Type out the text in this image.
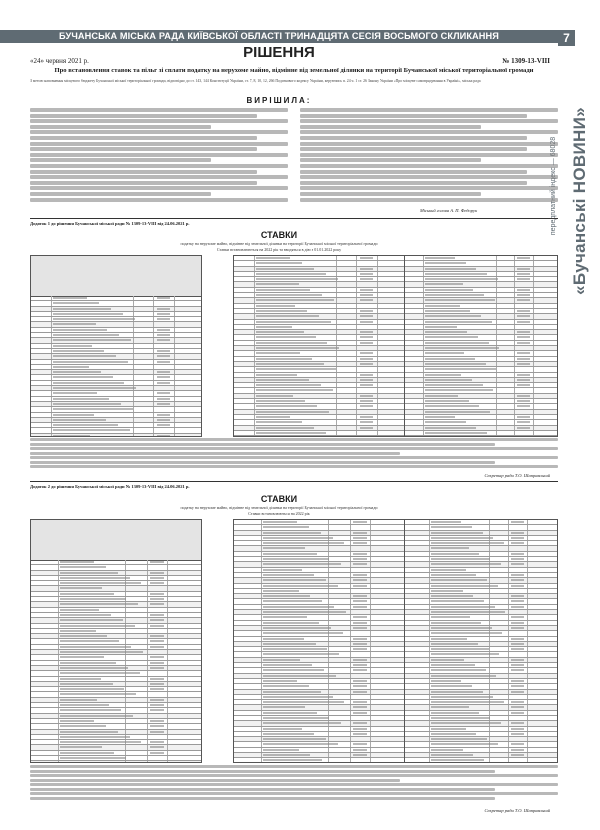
БУЧАНСЬКА МІСЬКА РАДА КИЇВСЬКОЇ ОБЛАСТІ ТРИНАДЦЯТА СЕСІЯ ВОСЬМОГО СКЛИКАННЯ	7
«Бучанські НОВИНИ»
РІШЕННЯ
«24» червня 2021 р.	№ 1309-13-VIII
Про встановлення ставок та пільг зі сплати податку на нерухоме майно, відмінне від земельної ділянки на території Бучанської міської територіальної громади
З метою наповнення місцевого бюджету Бучанської міської територіальної громади, відповідно до ст. 143, 144 Конституції України, ст. 7, 8, 10, 12, 266 Податкового кодексу України, керуючись п. 24 ч. 1 ст. 26 Закону України «Про місцеве самоврядування в Україні», міська рада
ВИРІШИЛА:
Міський голова А. П. Федорук
Додаток 1 до рішення Бучанської міської ради № 1309-13-VIII від 24.06.2021 р.
СТАВКИ
податку на нерухоме майно, відмінне від земельної ділянки на території Бучанської міської територіальної громади
Ставки встановлюються на 2022 рік та вводяться в дію з 01.01.2022 року
Секретар ради Т.О. Шаправський
Додаток 2 до рішення Бучанської міської ради № 1309-13-VIII від 24.06.2021 р.
СТАВКИ
податку на нерухоме майно, відмінне від земельної ділянки на території Бучанської міської територіальної громади
Ставки встановлюються на 2022 рік
Секретар ради Т.О. Шаправський
